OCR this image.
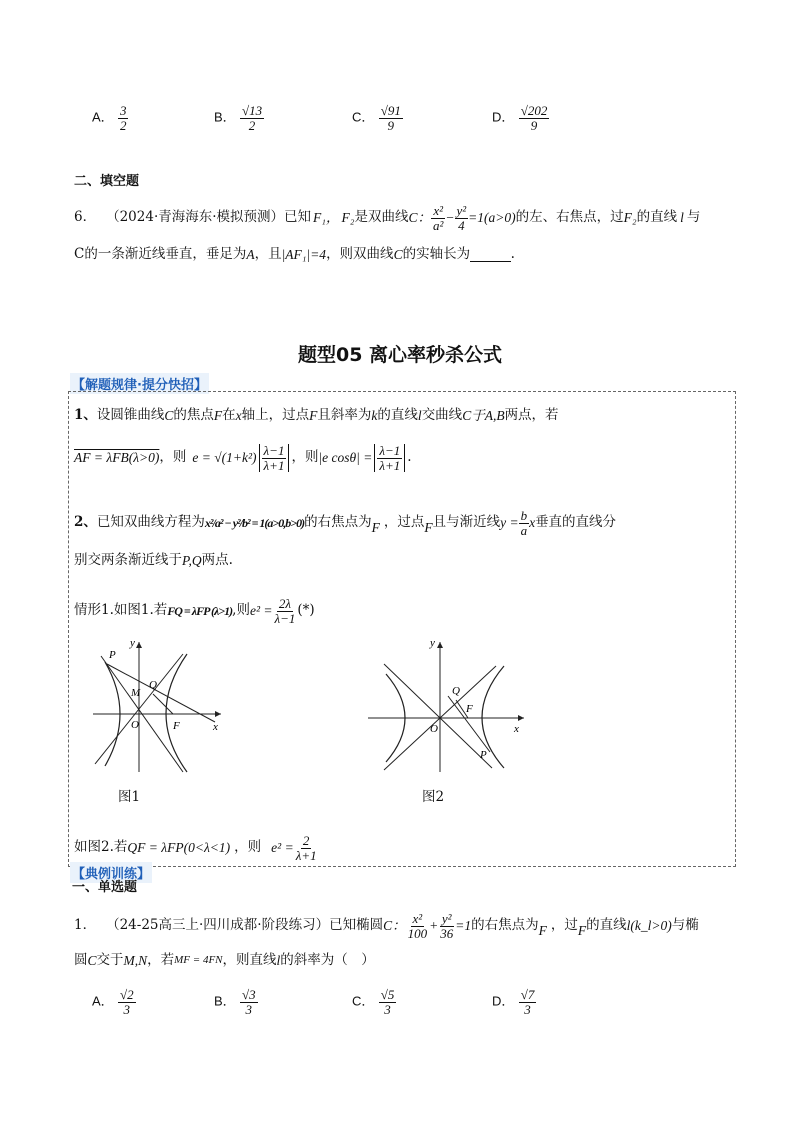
A． $\frac{3}{2}$	B． $\frac{√13}{2}$	C． $\frac{√91}{9}$	D． $\frac{√202}{9}$
二、填空题
6． （2024·青海海东·模拟预测）已知 F₁， F₂ 是双曲线 C： $\frac{\text{x²}}{\text{a²}} - \frac{\text{y²}}{4} =1(a>0)$ 的左、右焦点，过 F₂ 的直线 l 与
C的一条渐近线垂直，垂足为 A ，且 |AF₁|=4 ，则双曲线 C 的实轴长为	.
题型05 离心率秒杀公式
【解题规律·提分快招】
1、 设圆锥曲线 C 的焦点 F 在 x 轴上，过点 F 且斜率为 k 的直线 l 交曲线 C于A,B 两点，若
AF = λFB(λ>0) ，则 $e = √(1+k^2) \frac{\lambda-1}{\lambda+1}$ ，则 |e $\cos\theta| = \frac{\lambda-1}{\lambda+1}$ .
2、 已知双曲线方程为 x²/a² − y²/b² = 1(a>0,b>0) 的右焦点为 F ，过点 F 且与渐近线 $y = \frac{b}{a}$ x 垂直的直线分
别交两条渐近线于 P,Q 两点.
情形1.如图1.若 FQ = λFP (λ>1) ,则 $e^2 = \frac{2\lambda}{\lambda-1}$ (*)
y
x
P
Q
M
O	F
图1
y
x
Q
F
O
P
图2
如图2.若 QF = λFP(0<λ<1) ，则 $e^2 = \frac{2}{\lambda+1}$
【典例训练】
一、单选题
1． （24-25高三上·四川成都·阶段练习）已知椭圆 C： $\frac{\text{x²}}{100} + \frac{\text{y²}}{36} =1$ 的右焦点为 F ，过 F 的直线 l(k_l>0) 与椭
圆 C 交于 M,N ，若 MF = 4FN ，则直线 l 的斜率为（　）
A． $\frac{√2}{3}$	B． $\frac{√3}{3}$	C． $\frac{√5}{3}$	D． $\frac{√7}{3}$
